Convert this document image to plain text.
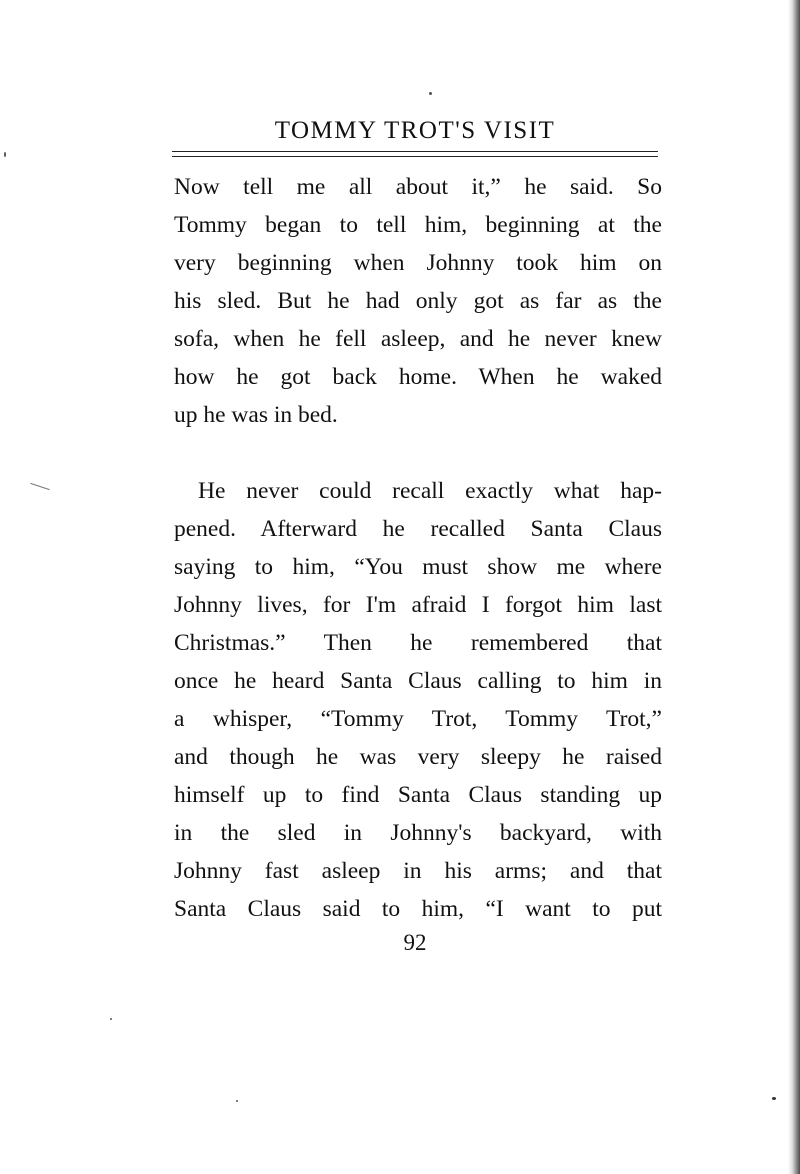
TOMMY TROT'S VISIT
Now tell me all about it,” he said. So
Tommy began to tell him, beginning at the
very beginning when Johnny took him on
his sled. But he had only got as far as the
sofa, when he fell asleep, and he never knew
how he got back home. When he waked
up he was in bed.
He never could recall exactly what hap-
pened. Afterward he recalled Santa Claus
saying to him, “You must show me where
Johnny lives, for I'm afraid I forgot him last
Christmas.” Then he remembered that
once he heard Santa Claus calling to him in
a whisper, “Tommy Trot, Tommy Trot,”
and though he was very sleepy he raised
himself up to find Santa Claus standing up
in the sled in Johnny's backyard, with
Johnny fast asleep in his arms; and that
Santa Claus said to him, “I want to put
92
